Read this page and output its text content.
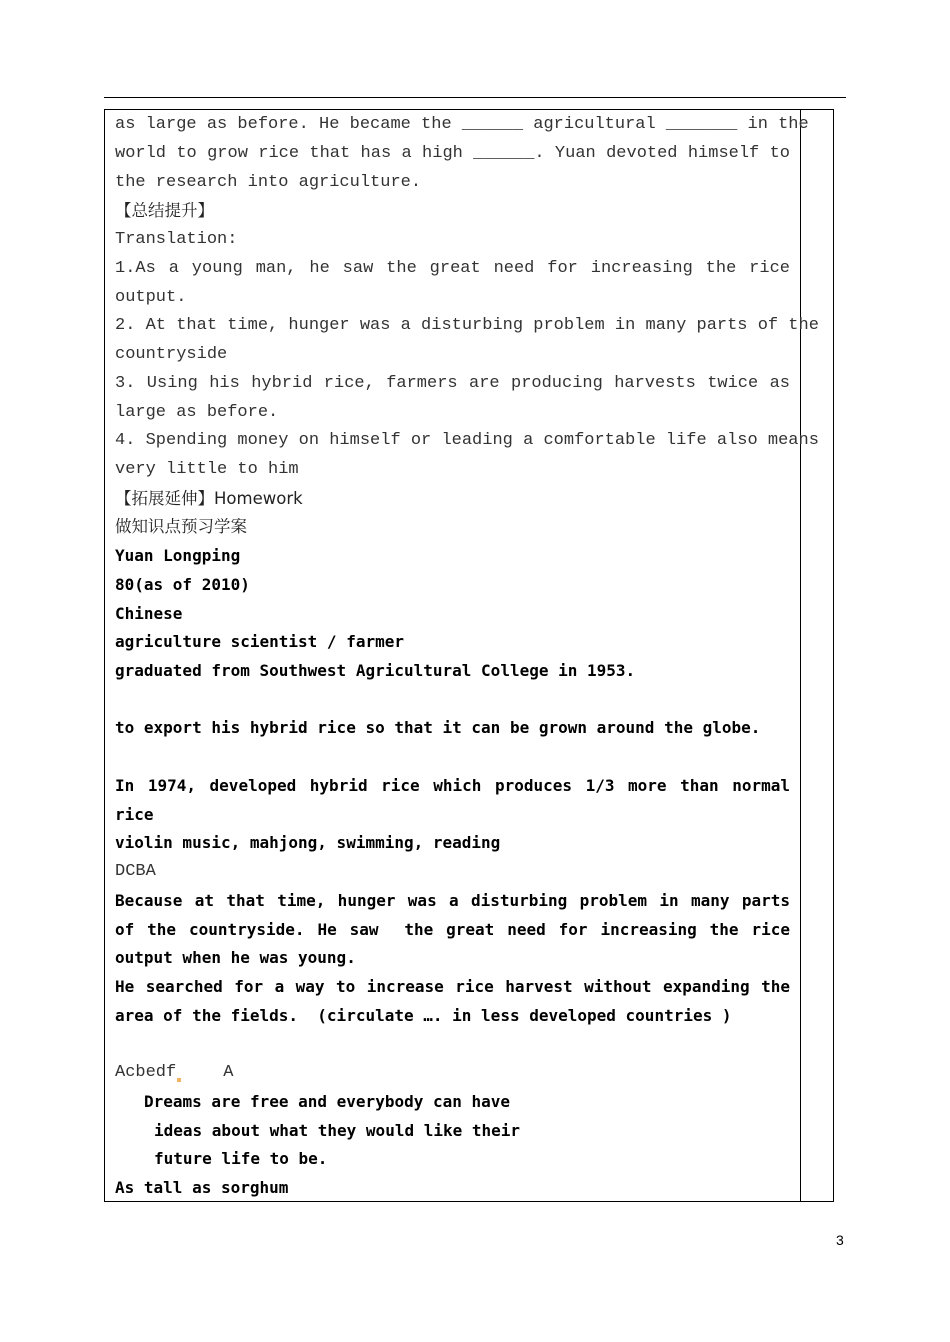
as large as before. He became the ______ agricultural _______ in the
world to grow rice that has a high ______. Yuan devoted himself to
the research into agriculture.
【总结提升】
Translation:
1.As a young man, he saw the great need for increasing the rice
output.
2. At that time, hunger was a disturbing problem in many parts of the
countryside
3. Using his hybrid rice, farmers are producing harvests twice as
large as before.
4. Spending money on himself or leading a comfortable life also means
very little to him
【拓展延伸】Homework
做知识点预习学案
Yuan Longping
80(as of 2010)
Chinese
agriculture scientist / farmer
graduated from Southwest Agricultural College in 1953.
to export his hybrid rice so that it can be grown around the globe.
In 1974, developed hybrid rice which produces 1/3 more than normal
rice
violin music, mahjong, swimming, reading
DCBA
Because at that time, hunger was a disturbing problem in many parts
of the countryside. He saw  the great need for increasing the rice
output when he was young.
He searched for a way to increase rice harvest without expanding the
area of the fields.  (circulate …. in less developed countries )
Acbedf	A
Dreams are free and everybody can have
ideas about what they would like their
future life to be.
As tall as sorghum
3
